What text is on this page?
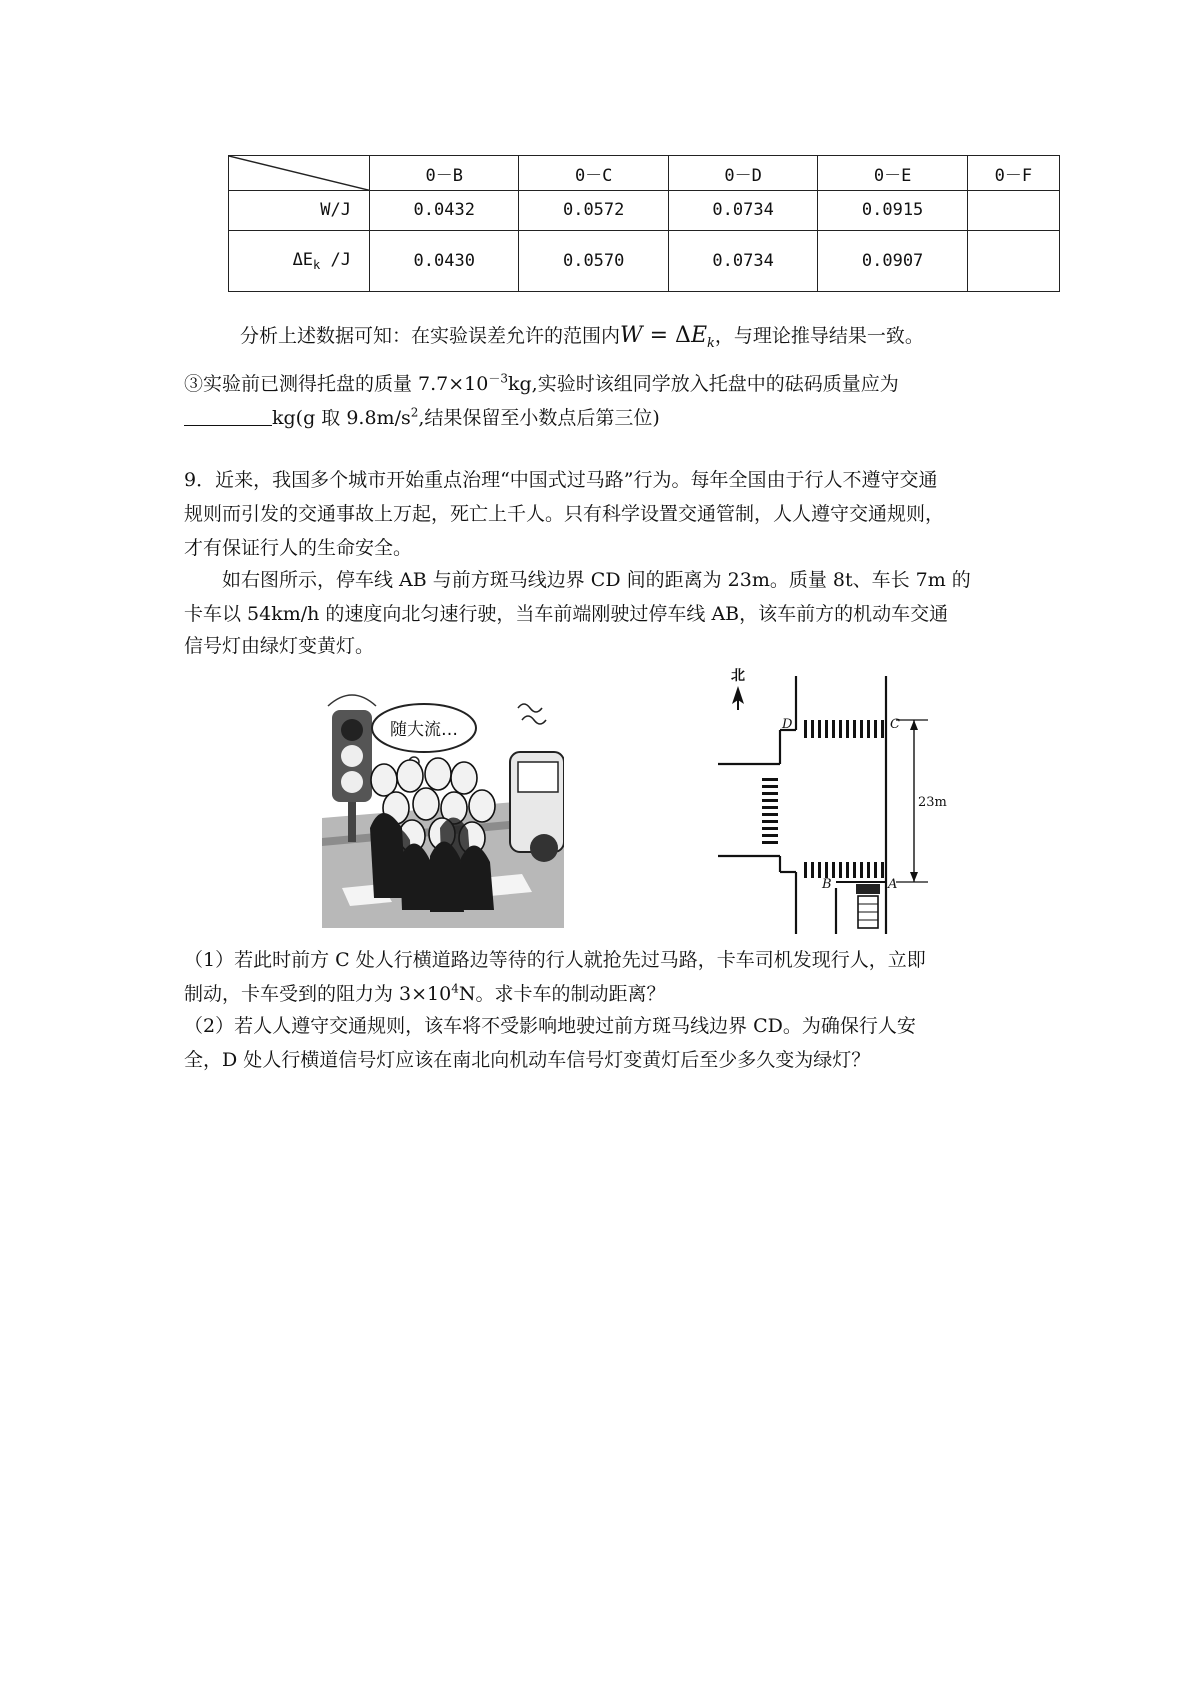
	0－B	0－C	0－D	0－E	0－F
W/J	0.0432	0.0572	0.0734	0.0915	
$\Delta E_k$ /J	0.0430	0.0570	0.0734	0.0907	
分析上述数据可知：在实验误差允许的范围内$W = \Delta E_k$，与理论推导结果一致。
③实验前已测得托盘的质量 $7.7\times 10^{-3}kg$,实验时该组同学放入托盘中的砝码质量应为
kg(g 取 $9.8m/s^2$,结果保留至小数点后第三位)
9．近来，我国多个城市开始重点治理“中国式过马路”行为。每年全国由于行人不遵守交通
规则而引发的交通事故上万起，死亡上千人。只有科学设置交通管制，人人遵守交通规则，
才有保证行人的生命安全。
如右图所示，停车线 AB 与前方斑马线边界 CD 间的距离为 23m。质量 8t、车长 7m 的
卡车以 54km/h 的速度向北匀速行驶，当车前端刚驶过停车线 AB，该车前方的机动车交通
信号灯由绿灯变黄灯。
随大流…
北
D	C
B	A
23m
（1）若此时前方 C 处人行横道路边等待的行人就抢先过马路，卡车司机发现行人，立即
制动，卡车受到的阻力为 $3\times 10^4N$。求卡车的制动距离？
（2）若人人遵守交通规则，该车将不受影响地驶过前方斑马线边界 CD。为确保行人安
全，D 处人行横道信号灯应该在南北向机动车信号灯变黄灯后至少多久变为绿灯？
